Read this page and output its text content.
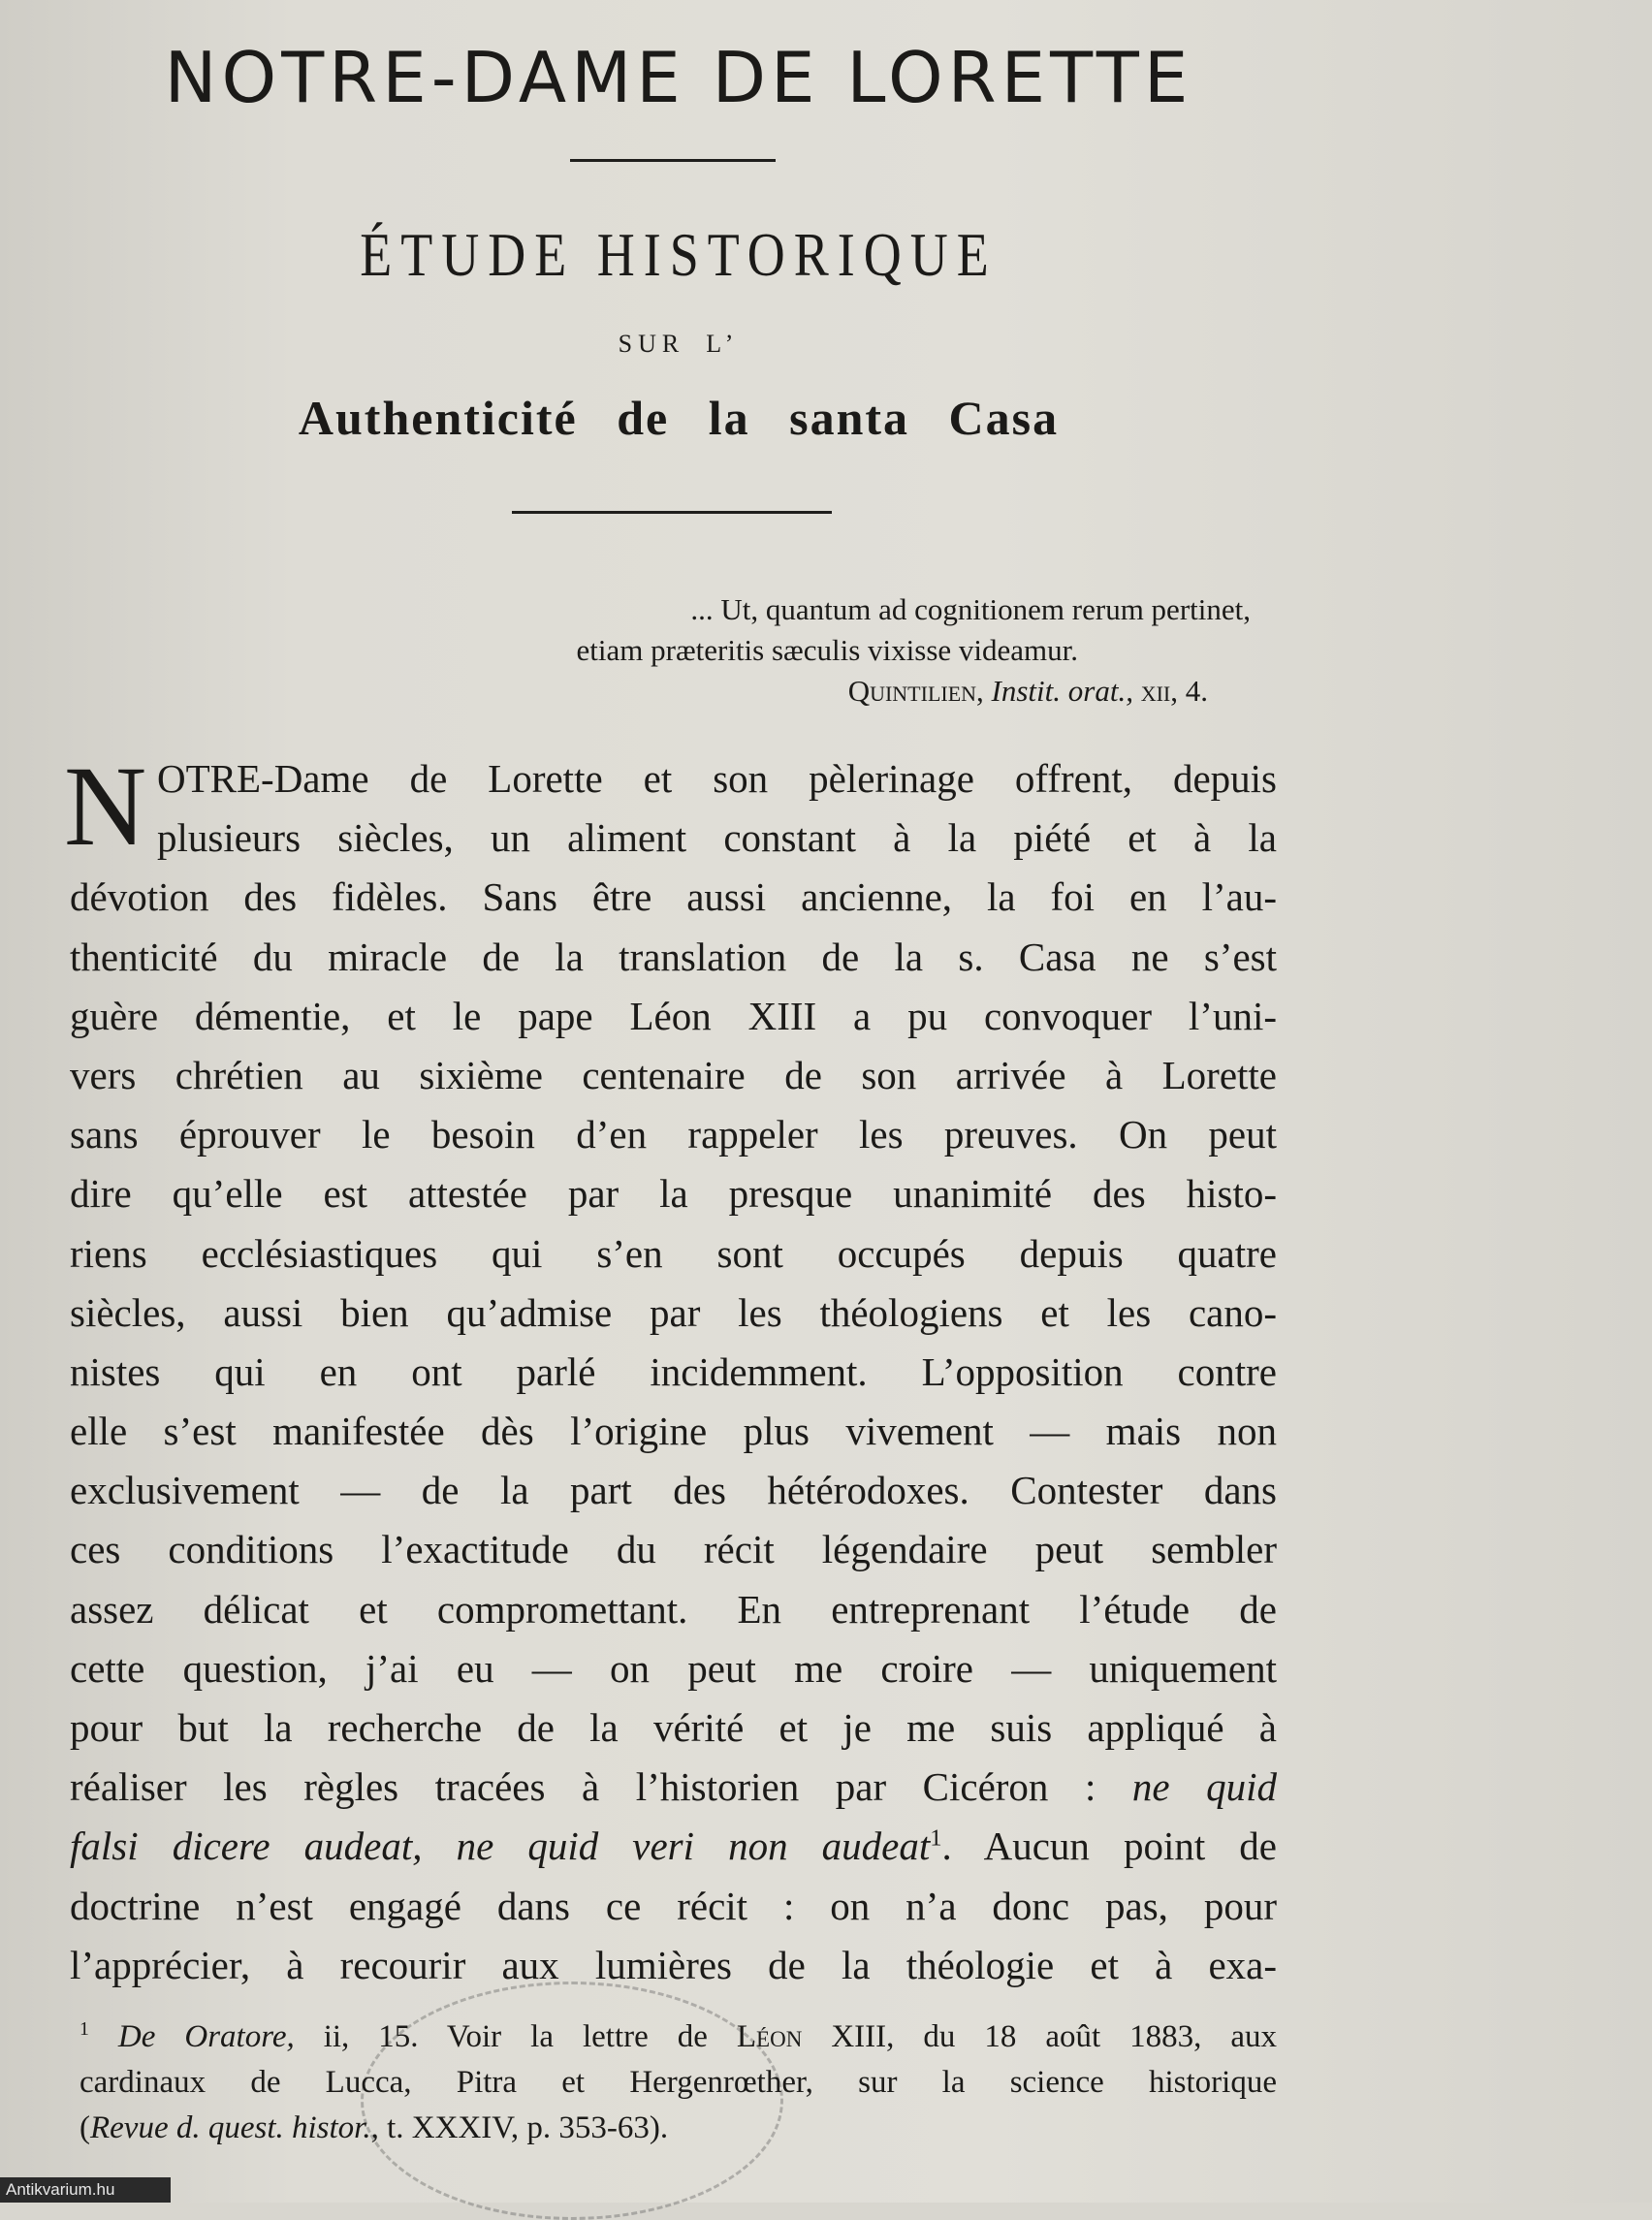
NOTRE-DAME DE LORETTE
ÉTUDE HISTORIQUE
SUR L’
Authenticité de la santa Casa
... Ut, quantum ad cognitionem rerum pertinet,
etiam præteritis sæculis vixisse videamur.
Quintilien, Instit. orat., xii, 4.
N OTRE-Dame de Lorette et son pèlerinage offrent, depuis
plusieurs siècles, un aliment constant à la piété et à la
dévotion des fidèles. Sans être aussi ancienne, la foi en l’au-
thenticité du miracle de la translation de la s. Casa ne s’est
guère démentie, et le pape Léon XIII a pu convoquer l’uni-
vers chrétien au sixième centenaire de son arrivée à Lorette
sans éprouver le besoin d’en rappeler les preuves. On peut
dire qu’elle est attestée par la presque unanimité des histo-
riens ecclésiastiques qui s’en sont occupés depuis quatre
siècles, aussi bien qu’admise par les théologiens et les cano-
nistes qui en ont parlé incidemment. L’opposition contre
elle s’est manifestée dès l’origine plus vivement — mais non
exclusivement — de la part des hétérodoxes. Contester dans
ces conditions l’exactitude du récit légendaire peut sembler
assez délicat et compromettant. En entreprenant l’étude de
cette question, j’ai eu — on peut me croire — uniquement
pour but la recherche de la vérité et je me suis appliqué à
réaliser les règles tracées à l’historien par Cicéron : ne quid
falsi dicere audeat, ne quid veri non audeat$^1$. Aucun point de
doctrine n’est engagé dans ce récit : on n’a donc pas, pour
l’apprécier, à recourir aux lumières de la théologie et à exa-
$^1$ De Oratore, ii, 15. Voir la lettre de Léon XIII, du 18 août 1883, aux
cardinaux de Lucca, Pitra et Hergenrœther, sur la science historique
(Revue d. quest. histor., t. XXXIV, p. 353-63).
Antikvarium.hu
